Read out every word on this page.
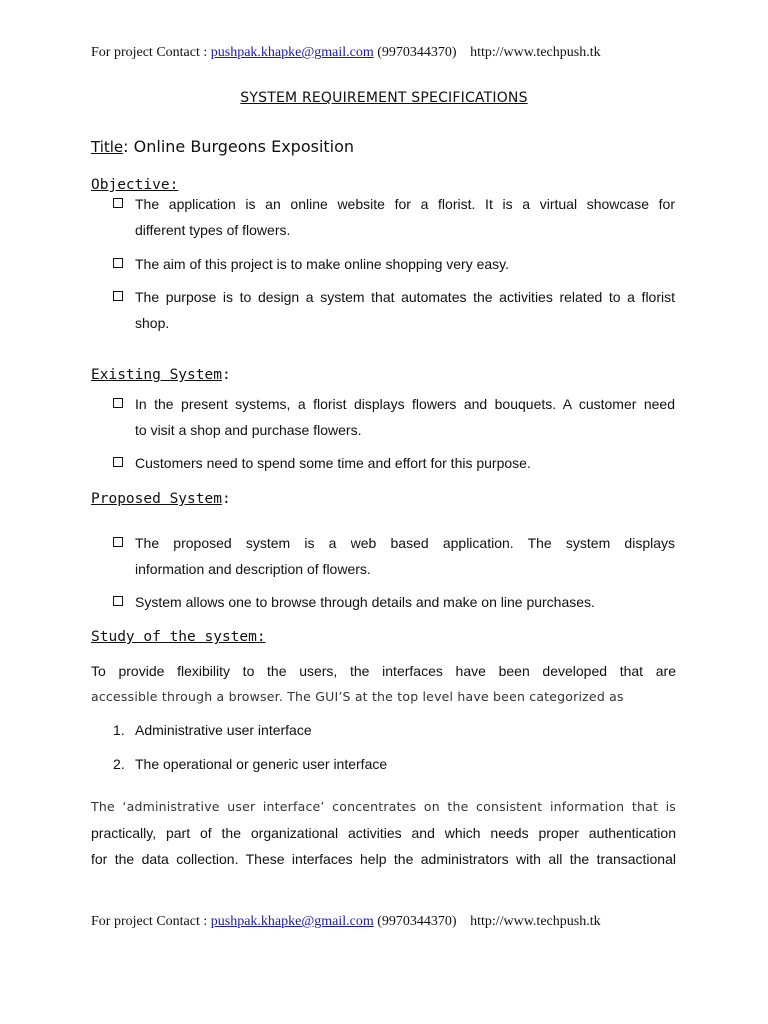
For project Contact : pushpak.khapke@gmail.com (9970344370) http://www.techpush.tk
SYSTEM REQUIREMENT SPECIFICATIONS
Title: Online Burgeons Exposition
Objective:
The application is an online website for a florist. It is a virtual showcase for
different types of flowers.
The aim of this project is to make online shopping very easy.
The purpose is to design a system that automates the activities related to a florist
shop.
Existing System:
In the present systems, a florist displays flowers and bouquets. A customer need
to visit a shop and purchase flowers.
Customers need to spend some time and effort for this purpose.
Proposed System:
The proposed system is a web based application. The system displays
information and description of flowers.
System allows one to browse through details and make on line purchases.
Study of the system:
To provide flexibility to the users, the interfaces have been developed that are
accessible through a browser. The GUI’S at the top level have been categorized as
1. Administrative user interface
2. The operational or generic user interface
The ‘administrative user interface’ concentrates on the consistent information that is
practically, part of the organizational activities and which needs proper authentication
for the data collection. These interfaces help the administrators with all the transactional
For project Contact : pushpak.khapke@gmail.com (9970344370) http://www.techpush.tk
